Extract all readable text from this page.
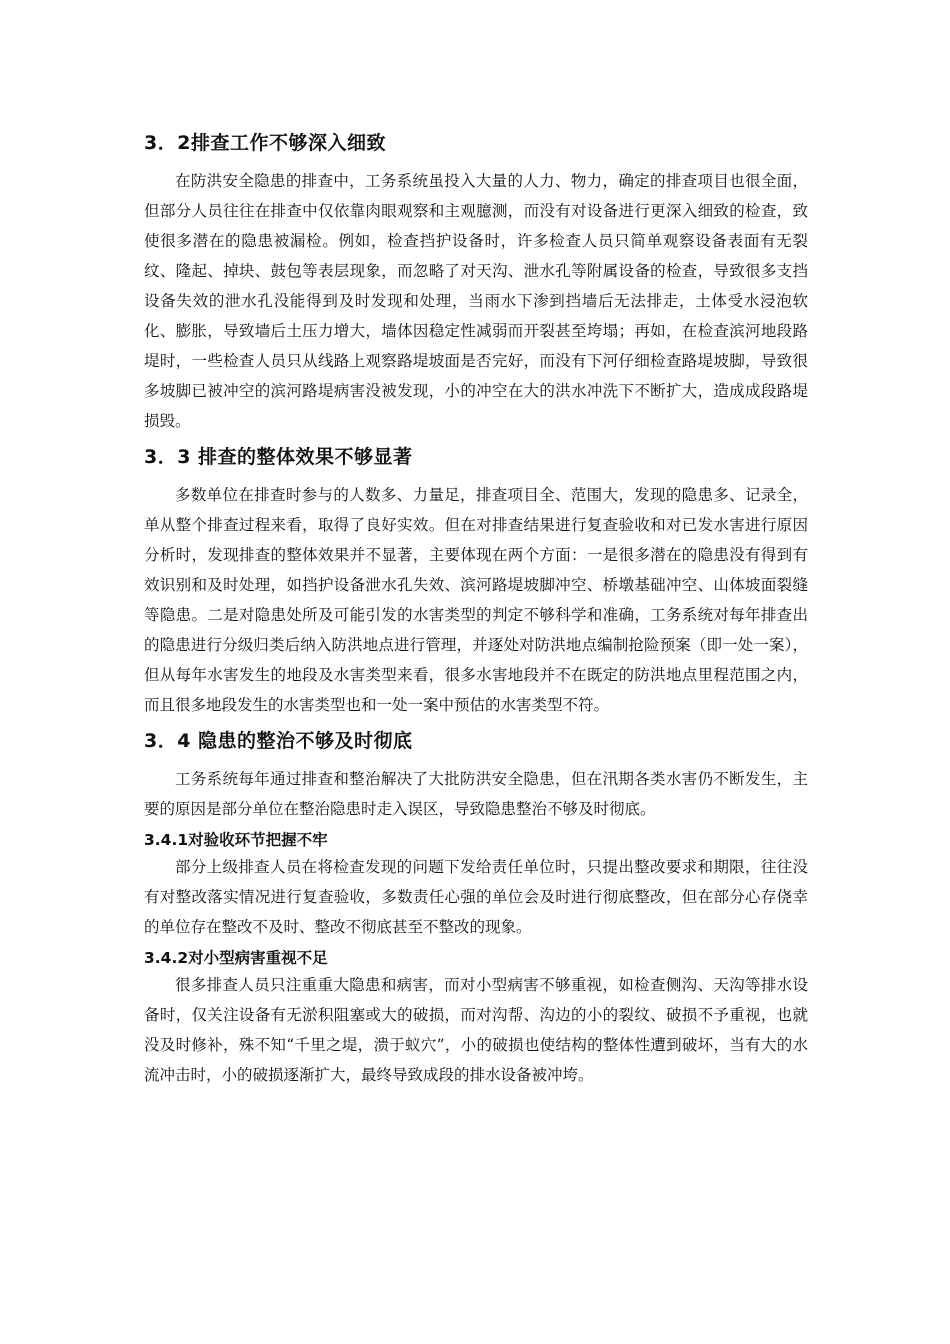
3．2排查工作不够深入细致

在防洪安全隐患的排查中，工务系统虽投入大量的人力、物力，确定的排查项目也很全面，但部分人员往往在排查中仅依靠肉眼观察和主观臆测，而没有对设备进行更深入细致的检查，致使很多潜在的隐患被漏检。例如，检查挡护设备时，许多检查人员只简单观察设备表面有无裂纹、隆起、掉块、鼓包等表层现象，而忽略了对天沟、泄水孔等附属设备的检查，导致很多支挡设备失效的泄水孔没能得到及时发现和处理，当雨水下渗到挡墙后无法排走，土体受水浸泡软化、膨胀，导致墙后土压力增大，墙体因稳定性减弱而开裂甚至垮塌；再如，在检查滨河地段路堤时，一些检查人员只从线路上观察路堤坡面是否完好，而没有下河仔细检查路堤坡脚，导致很多坡脚已被冲空的滨河路堤病害没被发现，小的冲空在大的洪水冲洗下不断扩大，造成成段路堤损毁。

3．3 排查的整体效果不够显著

多数单位在排查时参与的人数多、力量足，排查项目全、范围大，发现的隐患多、记录全，单从整个排查过程来看，取得了良好实效。但在对排查结果进行复查验收和对已发水害进行原因分析时，发现排查的整体效果并不显著，主要体现在两个方面：一是很多潜在的隐患没有得到有效识别和及时处理，如挡护设备泄水孔失效、滨河路堤坡脚冲空、桥墩基础冲空、山体坡面裂缝等隐患。二是对隐患处所及可能引发的水害类型的判定不够科学和准确，工务系统对每年排查出的隐患进行分级归类后纳入防洪地点进行管理，并逐处对防洪地点编制抢险预案（即一处一案），但从每年水害发生的地段及水害类型来看，很多水害地段并不在既定的防洪地点里程范围之内，而且很多地段发生的水害类型也和一处一案中预估的水害类型不符。

3．4 隐患的整治不够及时彻底

工务系统每年通过排查和整治解决了大批防洪安全隐患，但在汛期各类水害仍不断发生，主要的原因是部分单位在整治隐患时走入误区，导致隐患整治不够及时彻底。

3.4.1对验收环节把握不牢

部分上级排查人员在将检查发现的问题下发给责任单位时，只提出整改要求和期限，往往没有对整改落实情况进行复查验收，多数责任心强的单位会及时进行彻底整改，但在部分心存侥幸的单位存在整改不及时、整改不彻底甚至不整改的现象。

3.4.2对小型病害重视不足

很多排查人员只注重重大隐患和病害，而对小型病害不够重视，如检查侧沟、天沟等排水设备时，仅关注设备有无淤积阻塞或大的破损，而对沟帮、沟边的小的裂纹、破损不予重视，也就没及时修补，殊不知“千里之堤，溃于蚁穴”，小的破损也使结构的整体性遭到破坏，当有大的水流冲击时，小的破损逐渐扩大，最终导致成段的排水设备被冲垮。
